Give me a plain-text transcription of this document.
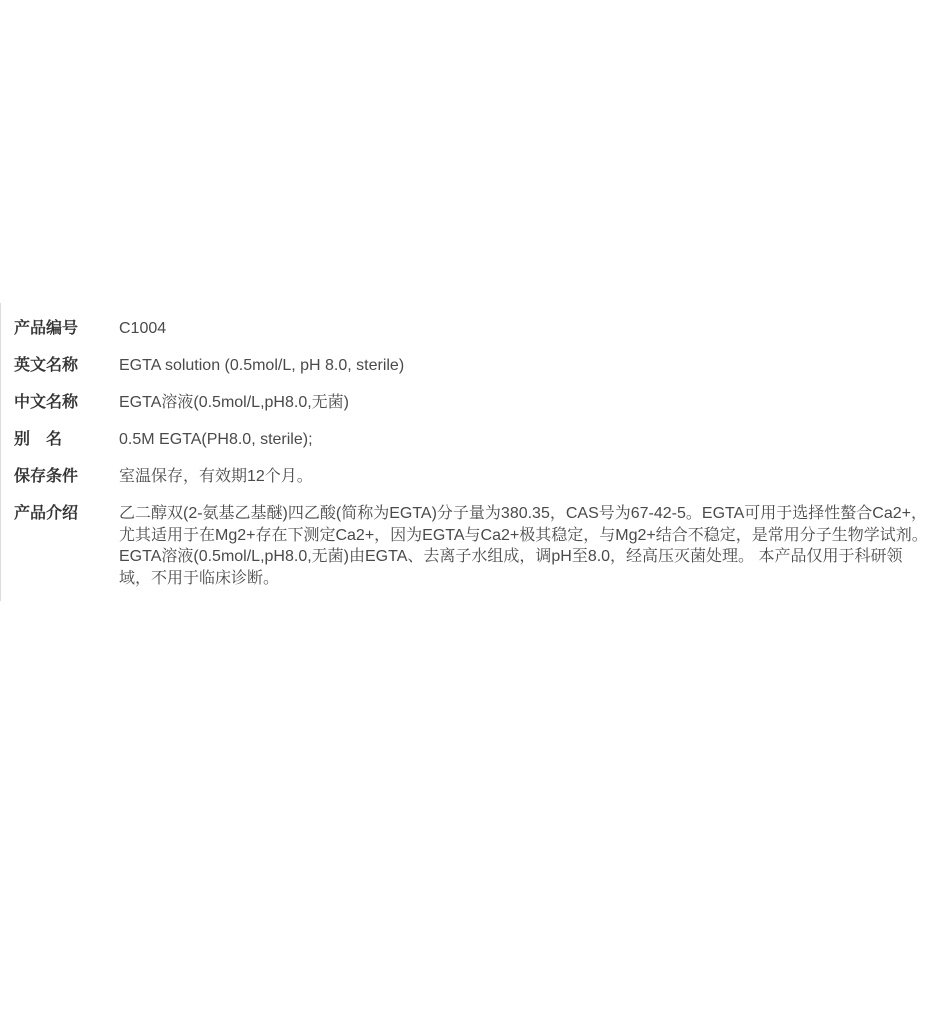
产品编号	C1004
英文名称	EGTA solution (0.5mol/L, pH 8.0, sterile)
中文名称	EGTA溶液(0.5mol/L,pH8.0,无菌)
别　名	0.5M EGTA(PH8.0, sterile);
保存条件	室温保存，有效期12个月。
产品介绍	乙二醇双(2-氨基乙基醚)四乙酸(简称为EGTA)分子量为380.35，CAS号为67-42-5。EGTA可用于选择性螯合Ca2+，尤其适用于在Mg2+存在下测定Ca2+，因为EGTA与Ca2+极其稳定，与Mg2+结合不稳定，是常用分子生物学试剂。EGTA溶液(0.5mol/L,pH8.0,无菌)由EGTA、去离子水组成，调pH至8.0，经高压灭菌处理。 本产品仅用于科研领域，不用于临床诊断。
